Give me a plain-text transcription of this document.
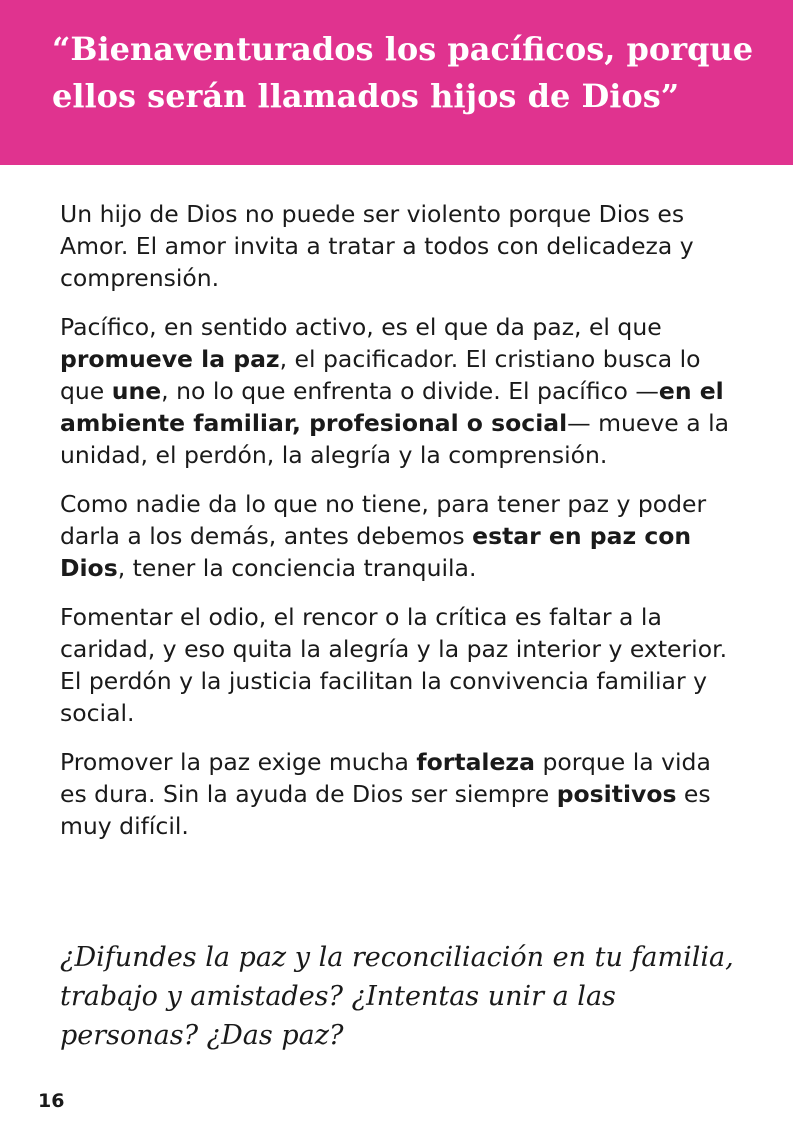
“Bienaventurados los pacíficos, porque ellos serán llamados hijos de Dios”

Un hijo de Dios no puede ser violento porque Dios es Amor. El amor invita a tratar a todos con delicadeza y comprensión.

Pacífico, en sentido activo, es el que da paz, el que promueve la paz, el pacificador. El cristiano busca lo que une, no lo que enfrenta o divide. El pacífico —en el ambiente familiar, profesional o social— mueve a la unidad, el perdón, la alegría y la comprensión.

Como nadie da lo que no tiene, para tener paz y poder darla a los demás, antes debemos estar en paz con Dios, tener la conciencia tranquila.

Fomentar el odio, el rencor o la crítica es faltar a la caridad, y eso quita la alegría y la paz interior y exterior. El perdón y la justicia facilitan la convivencia familiar y social.

Promover la paz exige mucha fortaleza porque la vida es dura. Sin la ayuda de Dios ser siempre positivos es muy difícil.

¿Difundes la paz y la reconciliación en tu familia, trabajo y amistades? ¿Intentas unir a las personas? ¿Das paz?
16
